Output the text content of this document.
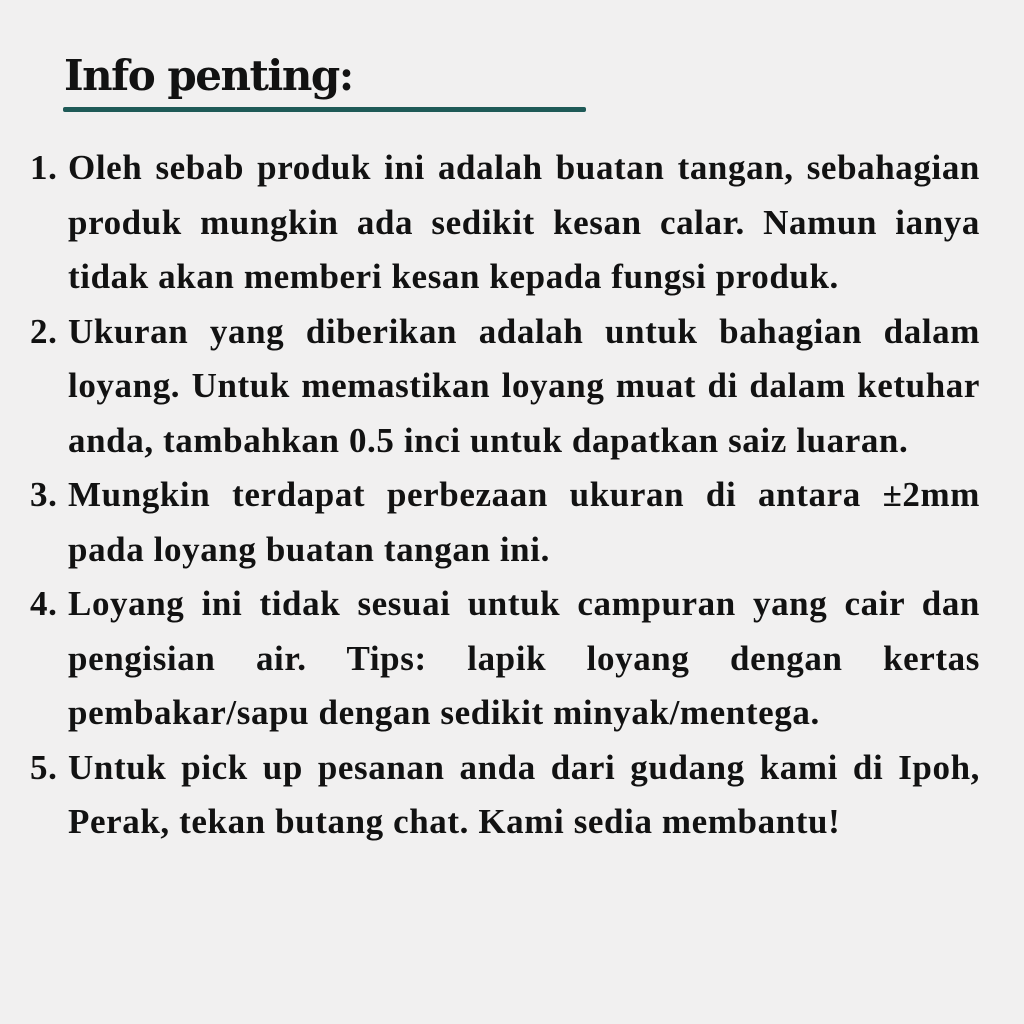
Info penting:
1. Oleh sebab produk ini adalah buatan tangan, sebahagian produk mungkin ada sedikit kesan calar. Namun ianya tidak akan memberi kesan kepada fungsi produk.
2. Ukuran yang diberikan adalah untuk bahagian dalam loyang. Untuk memastikan loyang muat di dalam ketuhar anda, tambahkan 0.5 inci untuk dapatkan saiz luaran.
3. Mungkin terdapat perbezaan ukuran di antara ±2mm pada loyang buatan tangan ini.
4. Loyang ini tidak sesuai untuk campuran yang cair dan pengisian air. Tips: lapik loyang dengan kertas pembakar/sapu dengan sedikit minyak/mentega.
5. Untuk pick up pesanan anda dari gudang kami di Ipoh, Perak, tekan butang chat. Kami sedia membantu!
